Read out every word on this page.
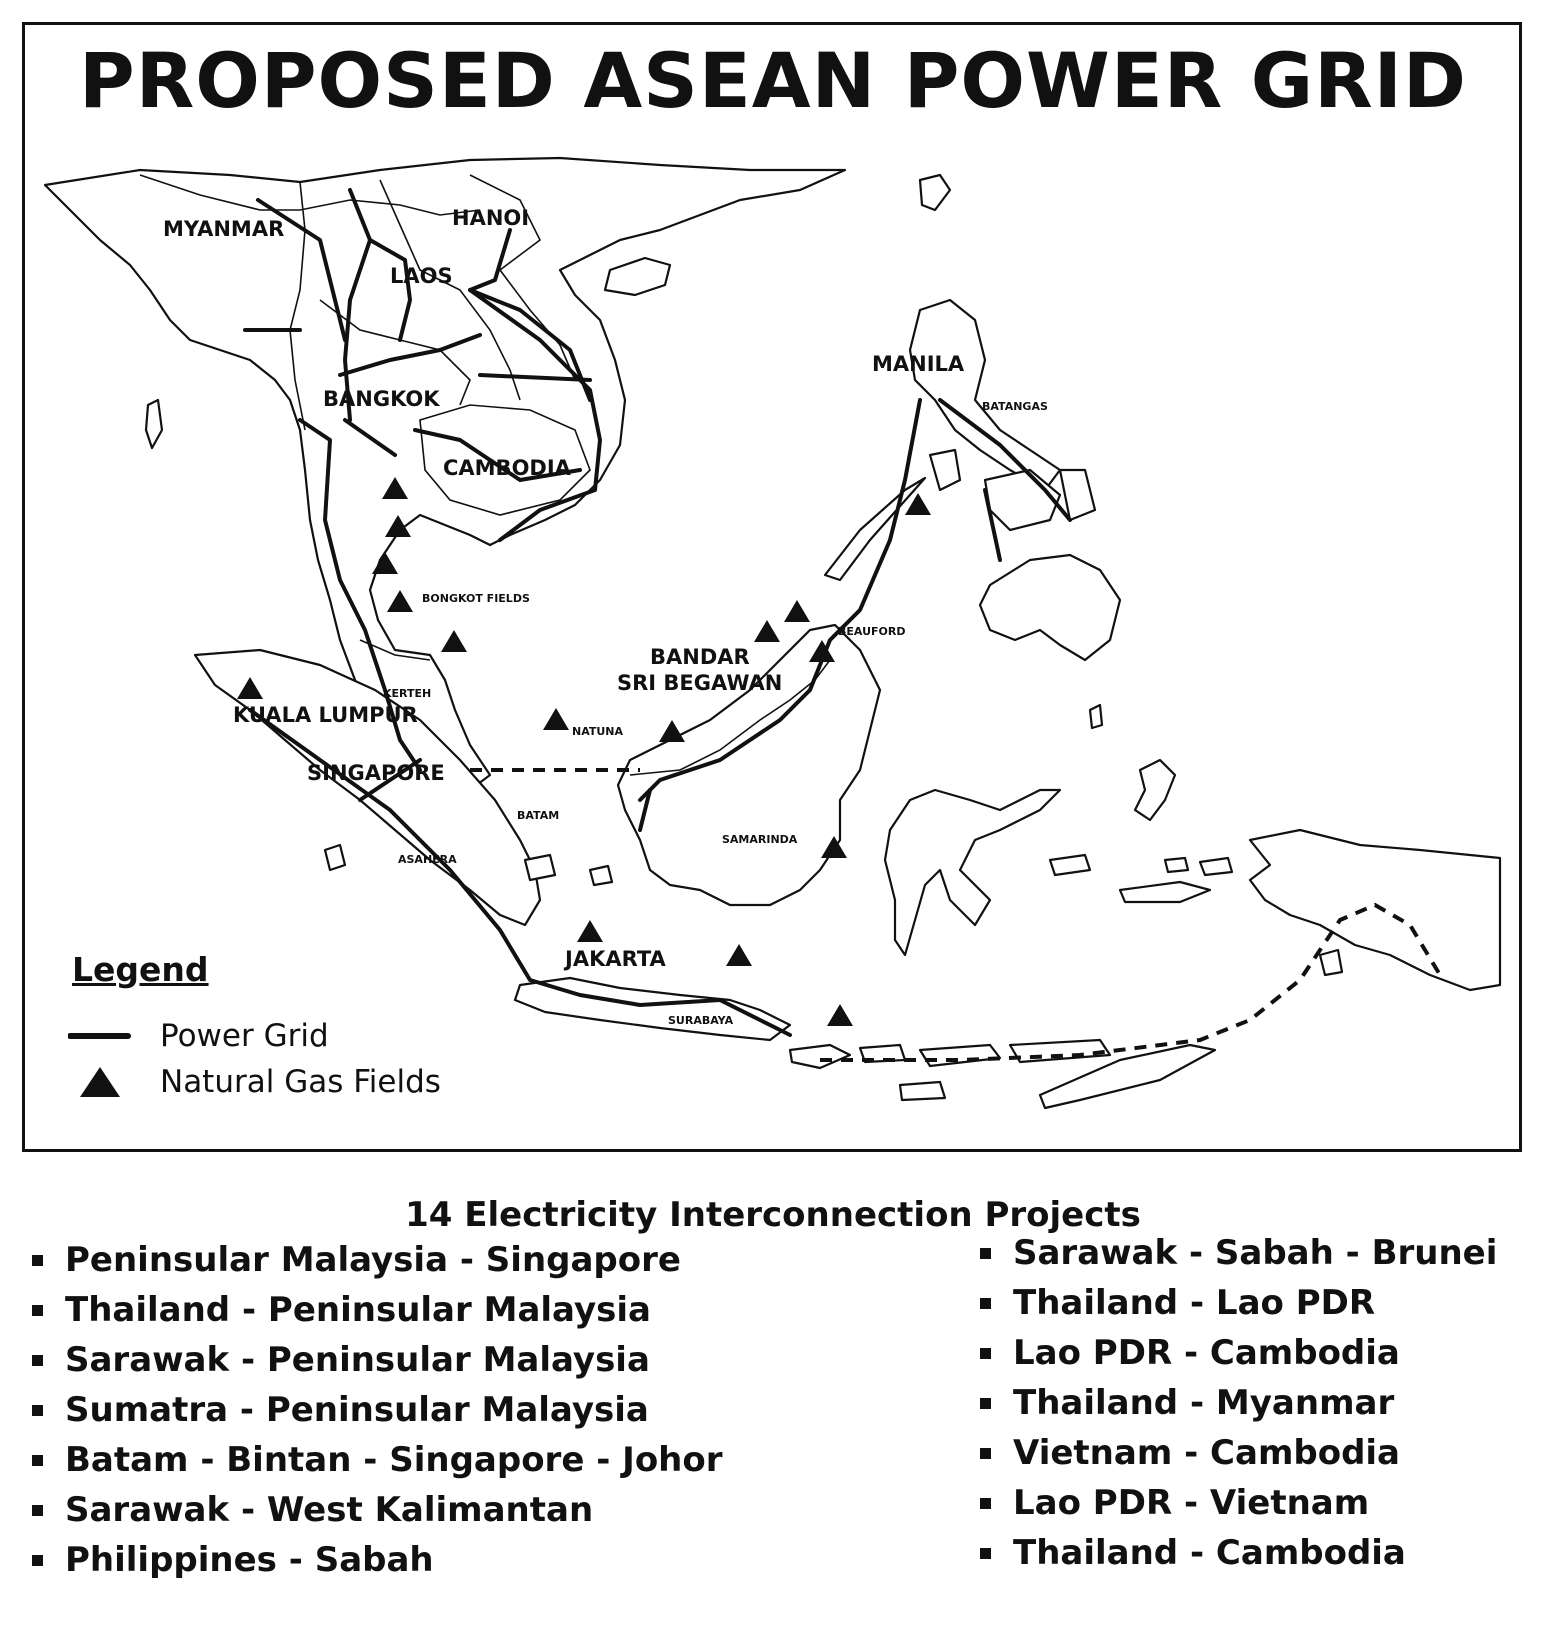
PROPOSED ASEAN POWER GRID
MYANMAR	HANOI
LAOS
BANGKOK
CAMBODIA
MANILA
BATANGAS
BONGKOT FIELDS
BEAUFORD
BANDAR
SRI BEGAWAN
KERTEH
KUALA LUMPUR
NATUNA
SINGAPORE
BATAM
SAMARINDA
ASAHERA
JAKARTA
SURABAYA
Legend
Power Grid
Natural Gas Fields
14 Electricity Interconnection Projects
Peninsular Malaysia - Singapore
Thailand - Peninsular Malaysia
Sarawak - Peninsular Malaysia
Sumatra - Peninsular Malaysia
Batam - Bintan - Singapore - Johor
Sarawak - West Kalimantan
Philippines - Sabah
Sarawak - Sabah - Brunei
Thailand - Lao PDR
Lao PDR - Cambodia
Thailand - Myanmar
Vietnam - Cambodia
Lao PDR - Vietnam
Thailand - Cambodia
